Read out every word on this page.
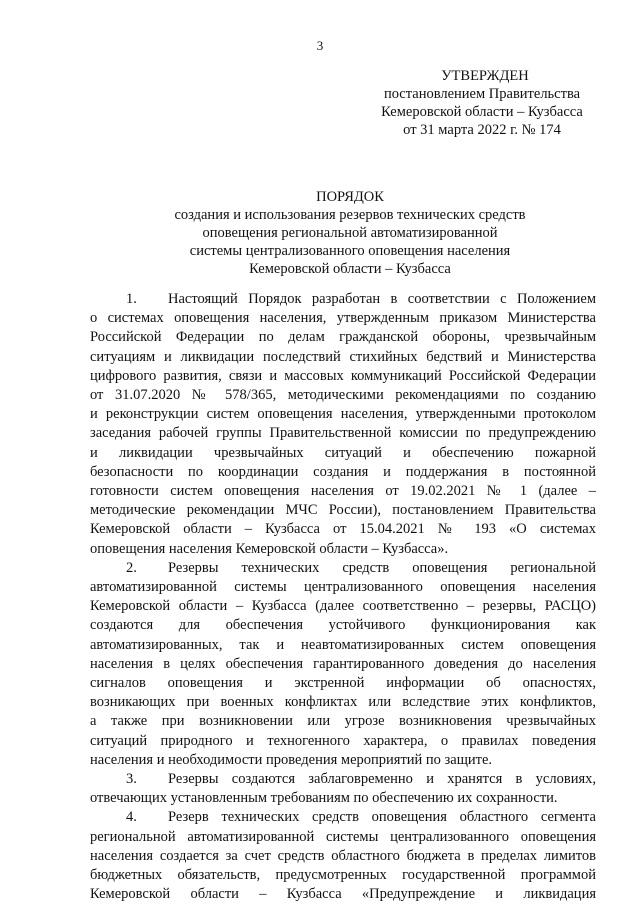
3
УТВЕРЖДЕН
постановлением Правительства
Кемеровской области – Кузбасса
от 31 марта 2022 г. № 174
ПОРЯДОК
создания и использования резервов технических средств
оповещения региональной автоматизированной
системы централизованного оповещения населения
Кемеровской области – Кузбасса

1. Настоящий Порядок разработан в соответствии с Положением
о системах оповещения населения, утвержденным приказом Министерства
Российской Федерации по делам гражданской обороны, чрезвычайным
ситуациям и ликвидации последствий стихийных бедствий и Министерства
цифрового развития, связи и массовых коммуникаций Российской Федерации
от 31.07.2020 № 578/365, методическими рекомендациями по созданию
и реконструкции систем оповещения населения, утвержденными протоколом
заседания рабочей группы Правительственной комиссии по предупреждению
и ликвидации чрезвычайных ситуаций и обеспечению пожарной
безопасности по координации создания и поддержания в постоянной
готовности систем оповещения населения от 19.02.2021 № 1 (далее –
методические рекомендации МЧС России), постановлением Правительства
Кемеровской области – Кузбасса от 15.04.2021 № 193 «О системах
оповещения населения Кемеровской области – Кузбасса».

2. Резервы технических средств оповещения региональной
автоматизированной системы централизованного оповещения населения
Кемеровской области – Кузбасса (далее соответственно – резервы, РАСЦО)
создаются для обеспечения устойчивого функционирования как
автоматизированных, так и неавтоматизированных систем оповещения
населения в целях обеспечения гарантированного доведения до населения
сигналов оповещения и экстренной информации об опасностях,
возникающих при военных конфликтах или вследствие этих конфликтов,
а также при возникновении или угрозе возникновения чрезвычайных
ситуаций природного и техногенного характера, о правилах поведения
населения и необходимости проведения мероприятий по защите.

3. Резервы создаются заблаговременно и хранятся в условиях,
отвечающих установленным требованиям по обеспечению их сохранности.

4. Резерв технических средств оповещения областного сегмента
региональной автоматизированной системы централизованного оповещения
населения создается за счет средств областного бюджета в пределах лимитов
бюджетных обязательств, предусмотренных государственной программой
Кемеровской области – Кузбасса «Предупреждение и ликвидация
